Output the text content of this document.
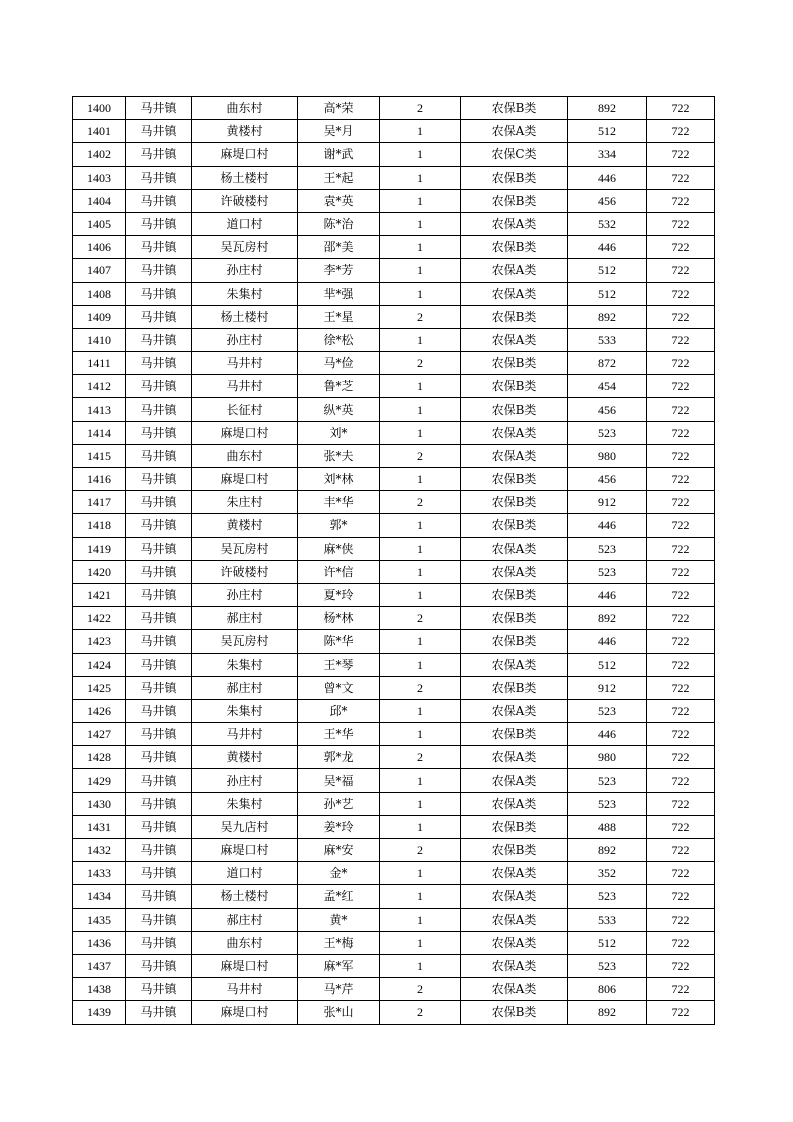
1400	马井镇	曲东村	高*荣	2	农保B类	892	722
1401	马井镇	黄楼村	吴*月	1	农保A类	512	722
1402	马井镇	麻堤口村	谢*武	1	农保C类	334	722
1403	马井镇	杨土楼村	王*起	1	农保B类	446	722
1404	马井镇	许破楼村	袁*英	1	农保B类	456	722
1405	马井镇	道口村	陈*治	1	农保A类	532	722
1406	马井镇	吴瓦房村	邵*美	1	农保B类	446	722
1407	马井镇	孙庄村	李*芳	1	农保A类	512	722
1408	马井镇	朱集村	芈*强	1	农保A类	512	722
1409	马井镇	杨土楼村	王*星	2	农保B类	892	722
1410	马井镇	孙庄村	徐*松	1	农保A类	533	722
1411	马井镇	马井村	马*俭	2	农保B类	872	722
1412	马井镇	马井村	鲁*芝	1	农保B类	454	722
1413	马井镇	长征村	纵*英	1	农保B类	456	722
1414	马井镇	麻堤口村	刘*	1	农保A类	523	722
1415	马井镇	曲东村	张*夫	2	农保A类	980	722
1416	马井镇	麻堤口村	刘*林	1	农保B类	456	722
1417	马井镇	朱庄村	丰*华	2	农保B类	912	722
1418	马井镇	黄楼村	郭*	1	农保B类	446	722
1419	马井镇	吴瓦房村	麻*侠	1	农保A类	523	722
1420	马井镇	许破楼村	许*信	1	农保A类	523	722
1421	马井镇	孙庄村	夏*玲	1	农保B类	446	722
1422	马井镇	郝庄村	杨*林	2	农保B类	892	722
1423	马井镇	吴瓦房村	陈*华	1	农保B类	446	722
1424	马井镇	朱集村	王*琴	1	农保A类	512	722
1425	马井镇	郝庄村	曾*文	2	农保B类	912	722
1426	马井镇	朱集村	邱*	1	农保A类	523	722
1427	马井镇	马井村	王*华	1	农保B类	446	722
1428	马井镇	黄楼村	郭*龙	2	农保A类	980	722
1429	马井镇	孙庄村	吴*福	1	农保A类	523	722
1430	马井镇	朱集村	孙*艺	1	农保A类	523	722
1431	马井镇	吴九店村	姜*玲	1	农保B类	488	722
1432	马井镇	麻堤口村	麻*安	2	农保B类	892	722
1433	马井镇	道口村	金*	1	农保A类	352	722
1434	马井镇	杨土楼村	孟*红	1	农保A类	523	722
1435	马井镇	郝庄村	黄*	1	农保A类	533	722
1436	马井镇	曲东村	王*梅	1	农保A类	512	722
1437	马井镇	麻堤口村	麻*军	1	农保A类	523	722
1438	马井镇	马井村	马*芹	2	农保A类	806	722
1439	马井镇	麻堤口村	张*山	2	农保B类	892	722
